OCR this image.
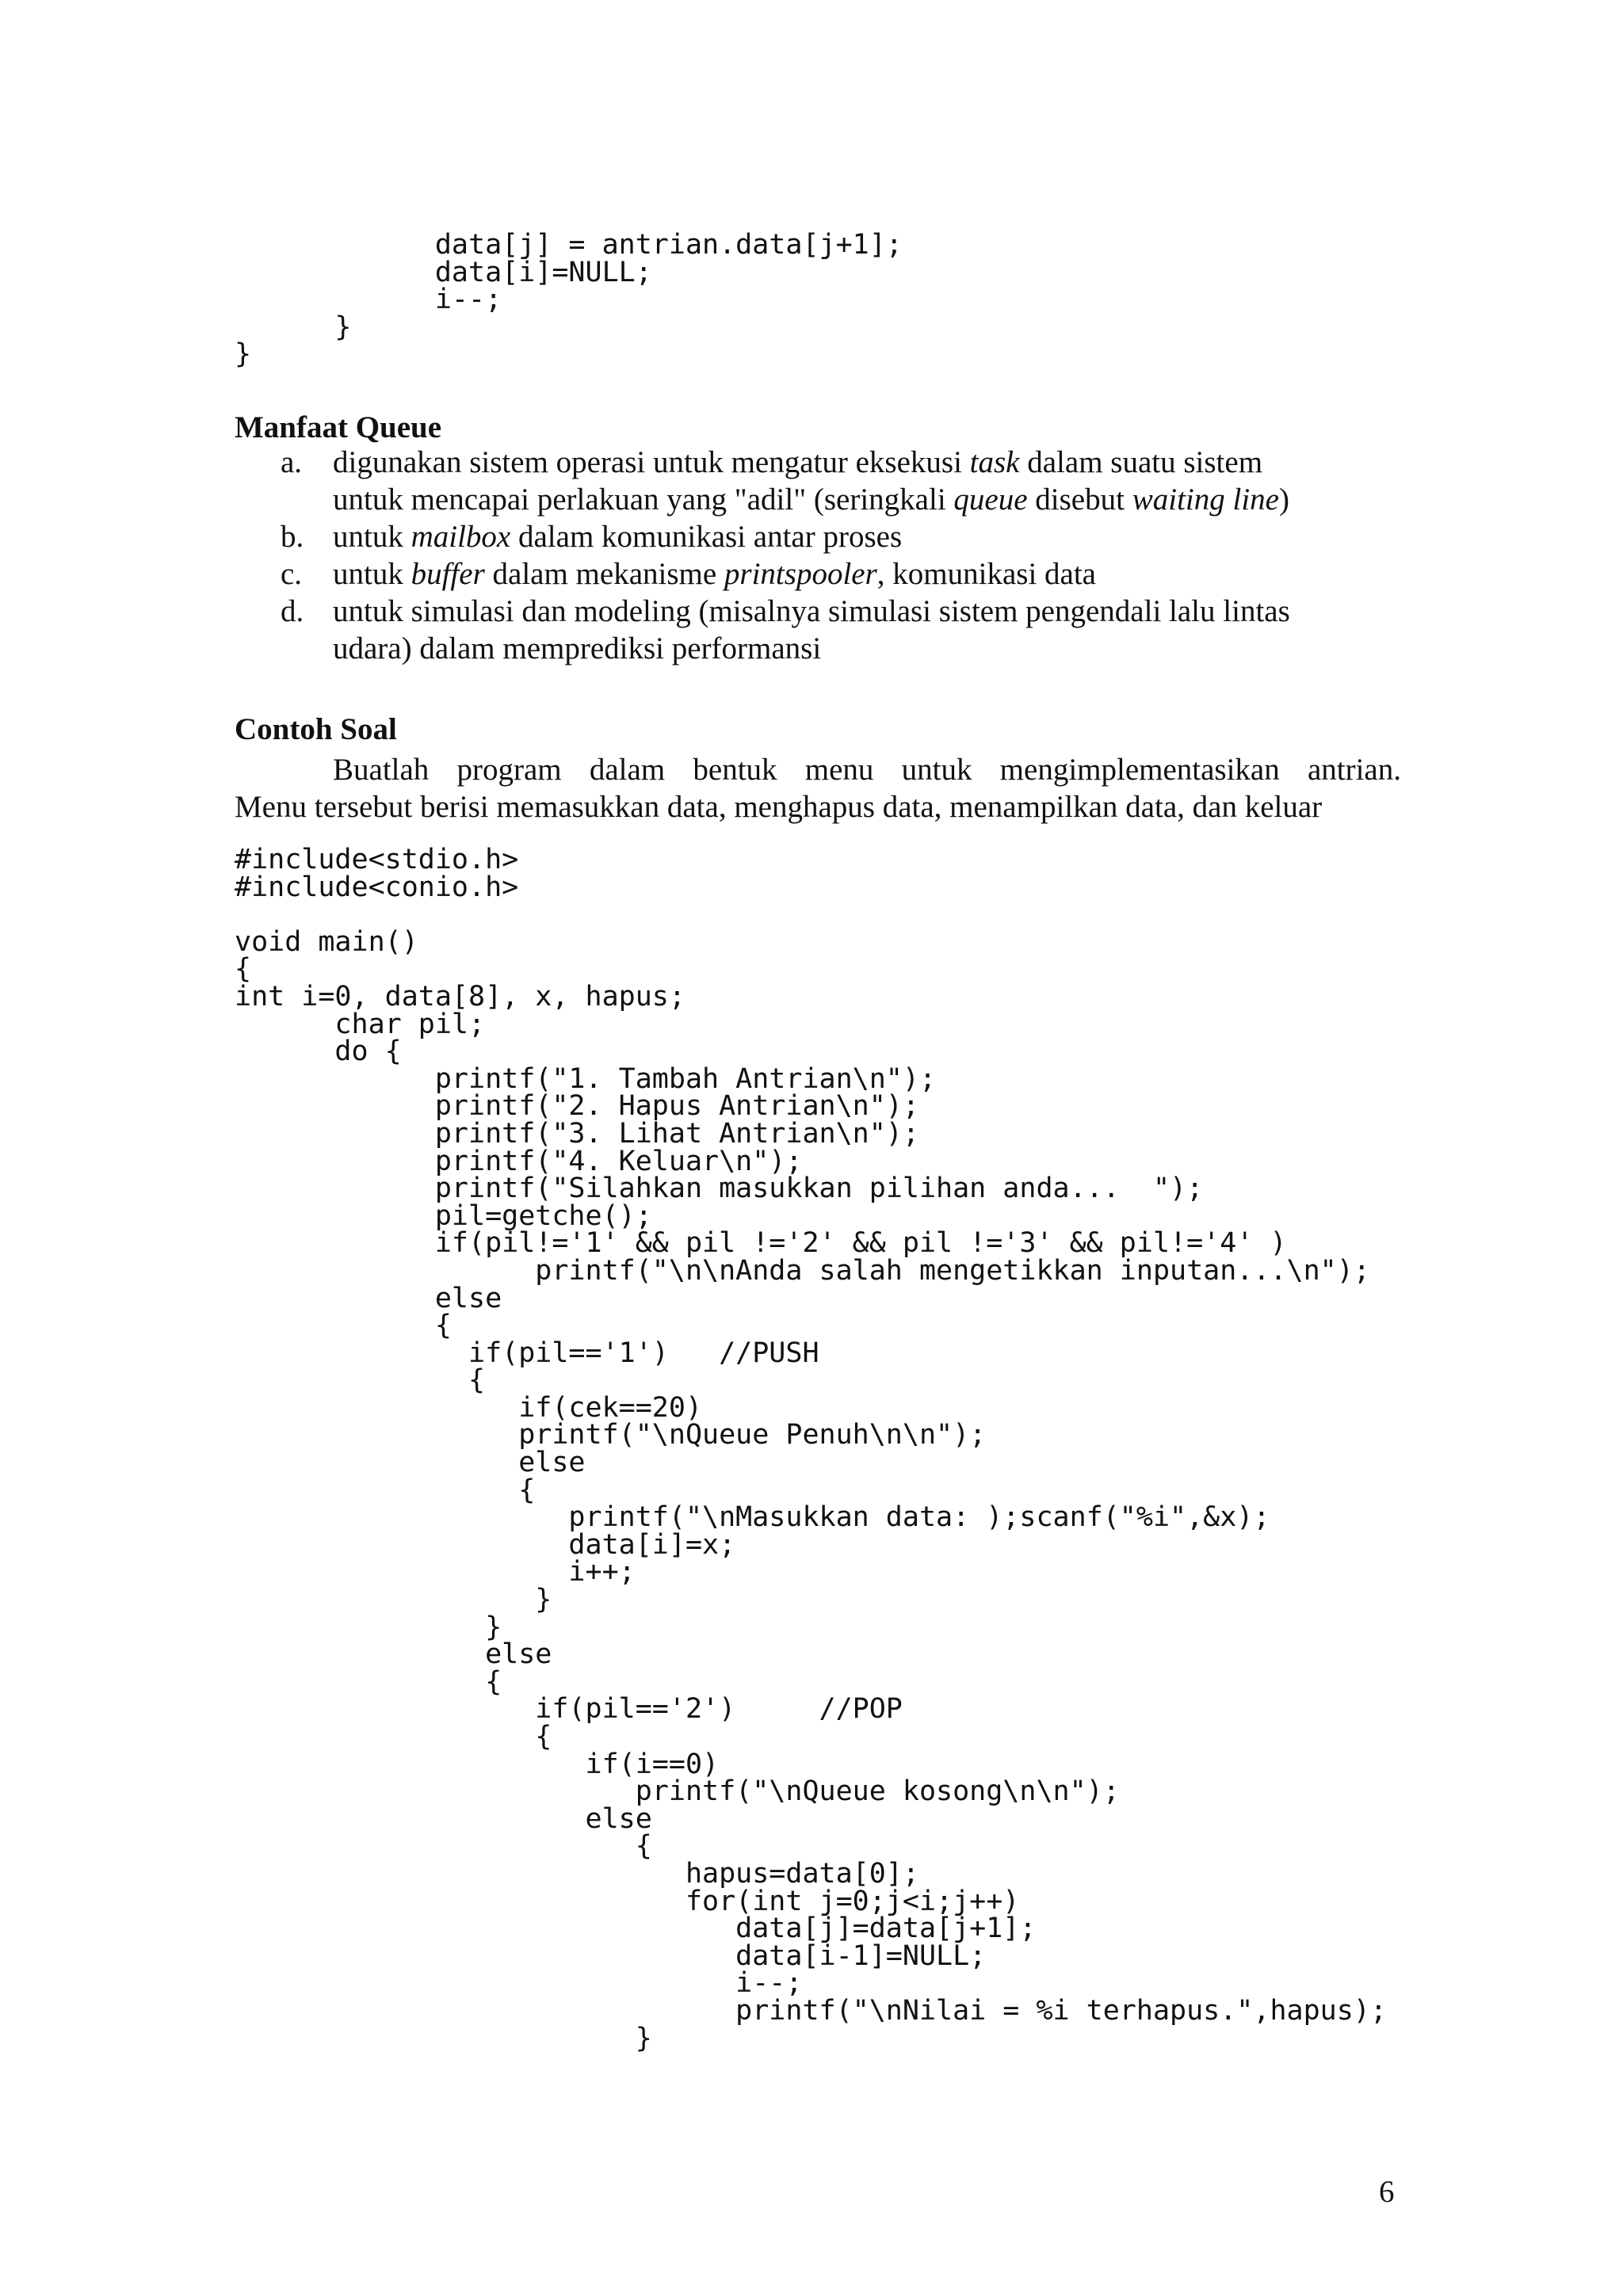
data[j] = antrian.data[j+1];
data[i]=NULL;
i--;
}
}
Manfaat Queue
a. digunakan sistem operasi untuk mengatur eksekusi task dalam suatu sistem
untuk mencapai perlakuan yang "adil" (seringkali queue disebut waiting line)
b. untuk mailbox dalam komunikasi antar proses
c. untuk buffer dalam mekanisme printspooler, komunikasi data
d. untuk simulasi dan modeling (misalnya simulasi sistem pengendali lalu lintas
udara) dalam memprediksi performansi
Contoh Soal
Buatlah program dalam bentuk menu untuk mengimplementasikan antrian.
Menu tersebut berisi memasukkan data, menghapus data, menampilkan data, dan keluar
#include<stdio.h>
#include<conio.h>

void main()
{
int i=0, data[8], x, hapus;
char pil;
do {
printf("1. Tambah Antrian\n");
printf("2. Hapus Antrian\n");
printf("3. Lihat Antrian\n");
printf("4. Keluar\n");
printf("Silahkan masukkan pilihan anda...  ");
pil=getche();
if(pil!='1' && pil !='2' && pil !='3' && pil!='4' )
printf("\n\nAnda salah mengetikkan inputan...\n");
else
{
if(pil=='1')   //PUSH
{
if(cek==20)
printf("\nQueue Penuh\n\n");
else
{
printf("\nMasukkan data: );scanf("%i",&x);
data[i]=x;
i++;
}
}
else
{
if(pil=='2')     //POP
{
if(i==0)
printf("\nQueue kosong\n\n");
else
{
hapus=data[0];
for(int j=0;j<i;j++)
data[j]=data[j+1];
data[i-1]=NULL;
i--;
printf("\nNilai = %i terhapus.",hapus);
}
6
